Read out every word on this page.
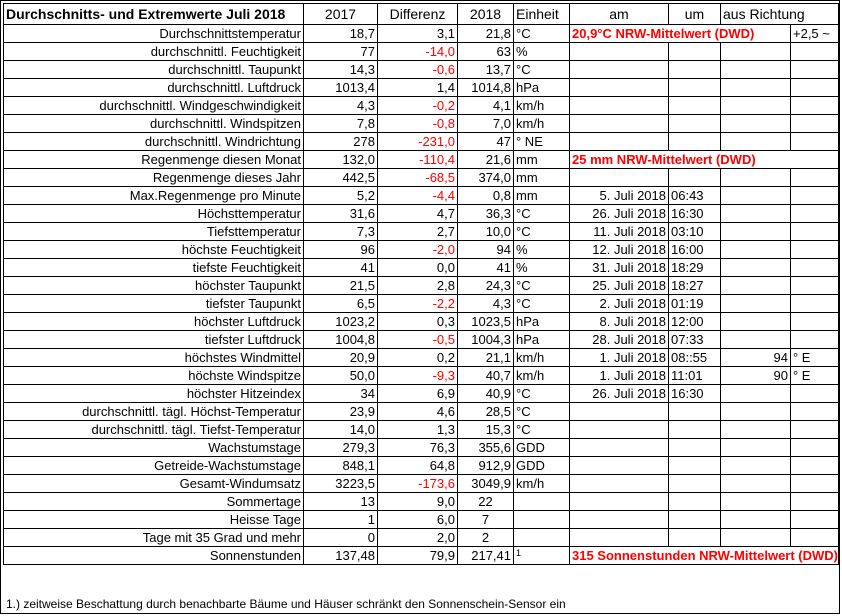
Durchschnitts- und Extremwerte Juli 2018	2017	Differenz	2018	Einheit	am	um	aus Richtung	
Durchschnittstemperatur	18,7	3,1	21,8	°C	20,9°C NRW-Mittelwert (DWD)			+2,5 ~
durchschnittl. Feuchtigkeit	77	-14,0	63	%				
durchschnittl. Taupunkt	14,3	-0,6	13,7	°C				
durchschnittl. Luftdruck	1013,4	1,4	1014,8	hPa				
durchschnittl. Windgeschwindigkeit	4,3	-0,2	4,1	km/h				
durchschnittl. Windspitzen	7,8	-0,8	7,0	km/h				
durchschnittl. Windrichtung	278	-231,0	47	° NE				
Regenmenge diesen Monat	132,0	-110,4	21,6	mm	25 mm NRW-Mittelwert (DWD)			
Regenmenge dieses Jahr	442,5	-68,5	374,0	mm				
Max.Regenmenge pro Minute	5,2	-4,4	0,8	mm	5. Juli 2018	06:43		
Höchsttemperatur	31,6	4,7	36,3	°C	26. Juli 2018	16:30		
Tiefsttemperatur	7,3	2,7	10,0	°C	11. Juli 2018	03:10		
höchste Feuchtigkeit	96	-2,0	94	%	12. Juli 2018	16:00		
tiefste Feuchtigkeit	41	0,0	41	%	31. Juli 2018	18:29		
höchster Taupunkt	21,5	2,8	24,3	°C	25. Juli 2018	18:27		
tiefster Taupunkt	6,5	-2,2	4,3	°C	2. Juli 2018	01:19		
höchster Luftdruck	1023,2	0,3	1023,5	hPa	8. Juli 2018	12:00		
tiefster Luftdruck	1004,8	-0,5	1004,3	hPa	28. Juli 2018	07:33		
höchstes Windmittel	20,9	0,2	21,1	km/h	1. Juli 2018	08::55	94	° E
höchste Windspitze	50,0	-9,3	40,7	km/h	1. Juli 2018	11:01	90	° E
höchster Hitzeindex	34	6,9	40,9	°C	26. Juli 2018	16:30		
durchschnittl. tägl. Höchst-Temperatur	23,9	4,6	28,5	°C				
durchschnittl. tägl. Tiefst-Temperatur	14,0	1,3	15,3	°C				
Wachstumstage	279,3	76,3	355,6	GDD				
Getreide-Wachstumstage	848,1	64,8	912,9	GDD				
Gesamt-Windumsatz	3223,5	-173,6	3049,9	km/h				
Sommertage	13	9,0	22					
Heisse Tage	1	6,0	7					
Tage mit 35 Grad und mehr	0	2,0	2					
Sonnenstunden	137,48	79,9	217,41	1	315 Sonnenstunden NRW-Mittelwert (DWD)			
1.) zeitweise Beschattung durch benachbarte Bäume und Häuser schränkt den Sonnenschein-Sensor ein
